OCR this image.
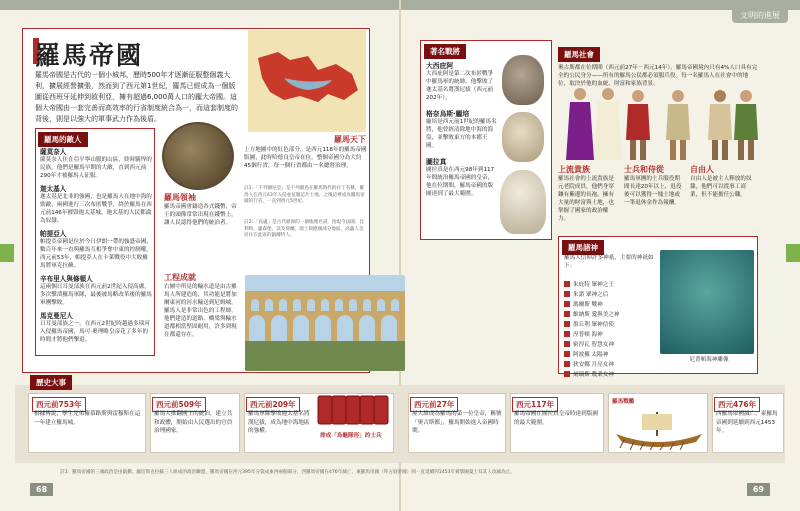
文明的進展
羅馬帝國
羅馬帝國是古代的一個小城邦，歷時500年才逐漸征服整個義大利，擴展經營擴張，然而到了西元第1世紀，羅馬已經成為一個版圖從西班牙延伸到敘利亞，擁有超過6,000萬人口的龐大帝國。這個大帝國由一套完善而高效率的行省制度統合為一，而這套制度的背後，則是以強大的軍事武力作為後盾。
羅馬天下
羅馬的敵人
薩莫奈人
薩莫奈人住在亞平寧山脈的山區，終時驍悍的民族。他們是羅馬早期的大敵，直到西元前290年才被羅馬人征服。
迦太基人
迦太基是北非的強國，也是羅馬人在地中海的勁敵，兩國進行三次布匿戰爭，終於羅馬在西元前146年摧毀迦太基城，迦太基的人民都淪為奴隸。
帕提亞人
帕提亞帝國是位於今日伊朗一帶的強盛帝國，數百年來一直與羅馬互相爭奪中東的控制權，西元前53年，帕提亞人在卡萊戰役中大敗羅馬將軍克拉蘇。
辛布里人與條頓人
這兩個日耳曼部族在西元前2世紀入侵高盧，多次擊潰羅馬軍隊，最後被馬略改革後的羅馬軍團擊敗。
馬克曼尼人
日耳曼部族之一，在西元2世紀時越過多瑙河入侵羅馬帝國，馬可‧奧理略皇帝花了多年的時間才將他們擊退。
羅馬領袖
羅馬帝國會鑄造各式錢幣，帝王的頭像常常出現在錢幣上，讓人民認得他們的統治者。
上方地圖中的紅色部分，是西元118年的羅馬帝國版圖，此時哈德良皇帝在位。整個帝國分為大約45個行省，每一個行省都由一名總督治理。
註1：「不列顛尼亞」是不列顛島在羅馬時代的拉丁名稱，羅馬人在西元43年入侵並征服這片土地，之後這裡成為羅馬帝國的行省，一直到西元5世紀。
註2：「高盧」是古代歐洲的一個地理名詞，指現今法國、比利時、盧森堡，以及荷蘭、瑞士與德國部分地區。高盧人是居住在此區的凱爾特人。
工程成就
右圖中所見的輸水道是由古羅馬人所建造的，其功能是將加爾東河的河水輸送到尼姆城。羅馬人是非常出色的工程師，他們建造的道路、橋梁與輸水道都相當堅固耐用，許多到現在都還存在。
著名戰將
大西庇阿
大西庇阿是第二次布匿戰爭中羅馬軍的統帥，他擊敗了迦太基名將漢尼拔（西元前202年）。
格奈烏斯‧龐培
龐培是西元前1世紀的羅馬名將，他曾經清除地中海的海盜，並擊敗東方的本都王國。
圖拉真
圖拉真是在西元98年到117年間統治羅馬帝國的皇帝，他在位期間，羅馬帝國的版圖達到了最大範圍。
羅馬社會
奧古斯都在位期間（西元前27年－西元14年），羅馬帝國境內只有4%人口具有完全的公民身分——所有的羅馬公民都必須服兵役。每一名羅馬人在社會中的地位，取決於他的血統、財富和家族背景。
上流貴族
羅馬社會的上流貴族是元老院成員，他們身穿鑲有紫邊的長袍，擁有大量的財富與土地，也掌握了國家的政治權力。
士兵和侍從
羅馬軍團的士兵服役期間長達20年以上，退役後可以獲得一塊土地或一筆退休金作為報酬。
自由人
自由人是被主人釋放的奴隸，他們可以從事工商業，但不能擔任公職。
羅馬諸神
羅馬人信仰許多神祇，主要的神祇如下：
朱庇特 眾神之王
朱諾 眾神之后
瑪爾斯 戰神
維納斯 愛與美之神
墨丘利 眾神信使
涅普頓 海神
密涅瓦 智慧女神
阿波羅 太陽神
狄安娜 月亮女神
刻瑞斯 農業女神
尼普頓海神雕像
歷史大事
西元前753年
根據傳說，孿生兄弟羅慕路斯與雷穆斯在這一年建立羅馬城。
西元前509年
羅馬人推翻國王的統治，建立共和政體，開始由人民選出的官員治理國家。
西元前209年
羅馬軍隊擊敗迦太基名將漢尼拔，成為地中海地區的強權。
排成「烏龜隊形」的士兵
西元前27年
屋大維成為羅馬的第一位皇帝，稱號「奧古斯都」，羅馬開始進入帝國時期。
西元117年
羅馬帝國在圖拉真皇帝時達到版圖的最大範圍。
羅馬戰艦	西元476年
西羅馬帝國滅亡，東羅馬帝國則延續到西元1453年。
註3：羅馬帝國的三頭政治是由凱撒、龐培與克拉蘇三人組成的政治聯盟，羅馬帝國在西元395年分裂成東西兩個部分，西羅馬帝國在476年滅亡，東羅馬帝國（拜占庭帝國）則一直延續到1453年被鄂圖曼土耳其人攻滅為止。
68	69
